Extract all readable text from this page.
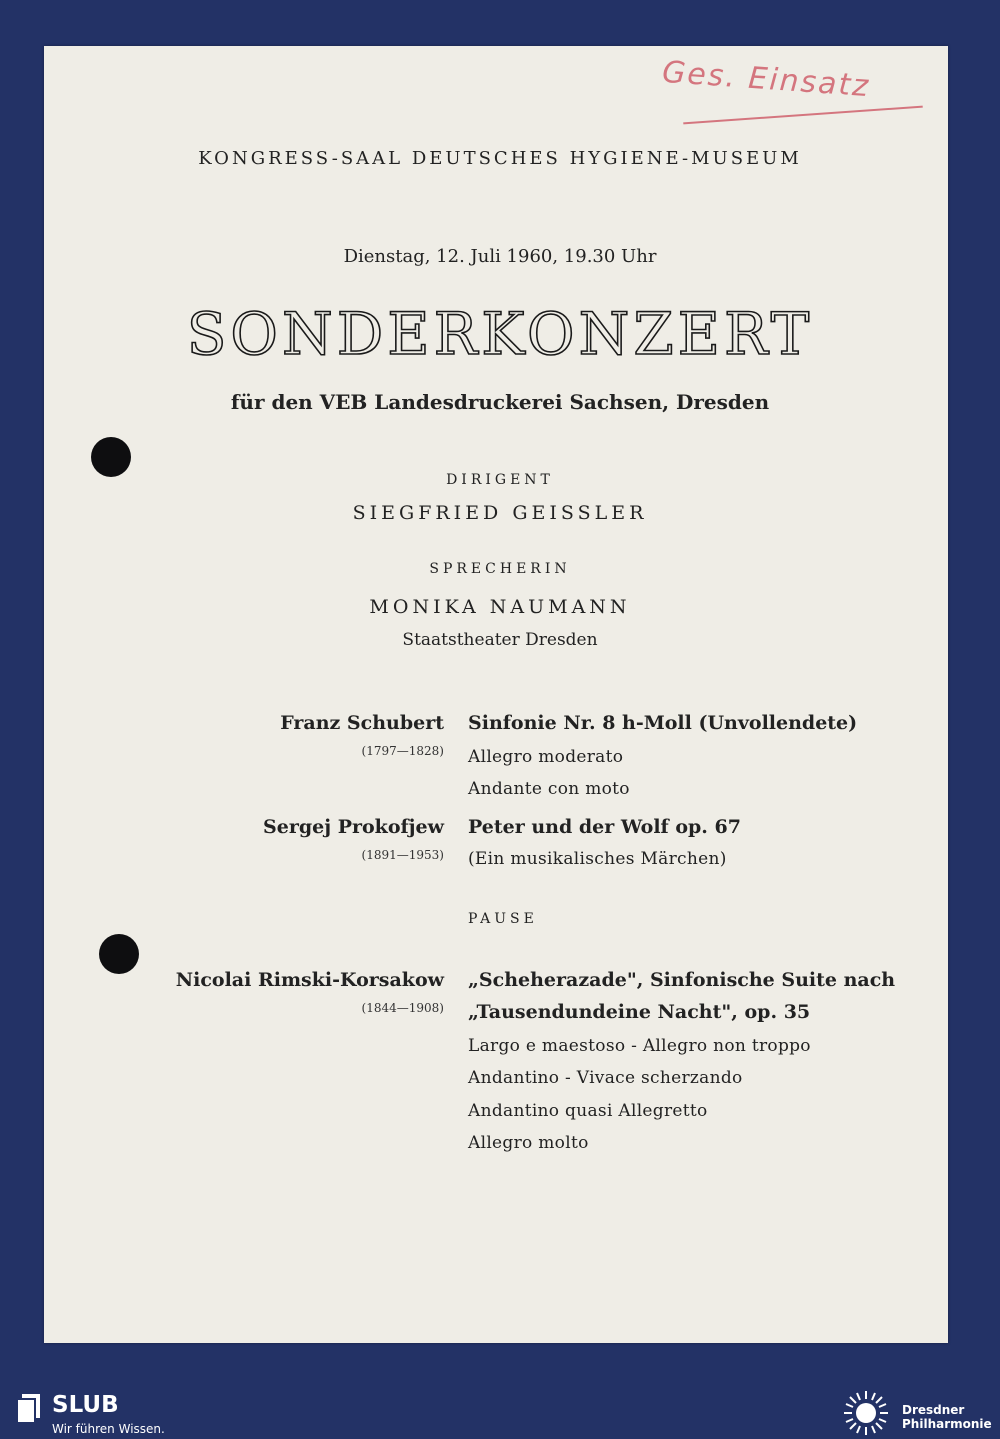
Ges. Einsatz
KONGRESS-SAAL DEUTSCHES HYGIENE-MUSEUM
Dienstag, 12. Juli 1960, 19.30 Uhr
SONDERKONZERT
für den VEB Landesdruckerei Sachsen, Dresden
DIRIGENT
SIEGFRIED GEISSLER
SPRECHERIN
MONIKA NAUMANN
Staatstheater Dresden
Franz Schubert
(1797—1828)
Sinfonie Nr. 8 h-Moll (Unvollendete)
Allegro moderato
Andante con moto
Sergej Prokofjew
(1891—1953)
Peter und der Wolf op. 67
(Ein musikalisches Märchen)
PAUSE
Nicolai Rimski-Korsakow
(1844—1908)
„Scheherazade", Sinfonische Suite nach
„Tausendundeine Nacht", op. 35
Largo e maestoso - Allegro non troppo
Andantino - Vivace scherzando
Andantino quasi Allegretto
Allegro molto
SLUB
Wir führen Wissen.
Dresdner
Philharmonie
